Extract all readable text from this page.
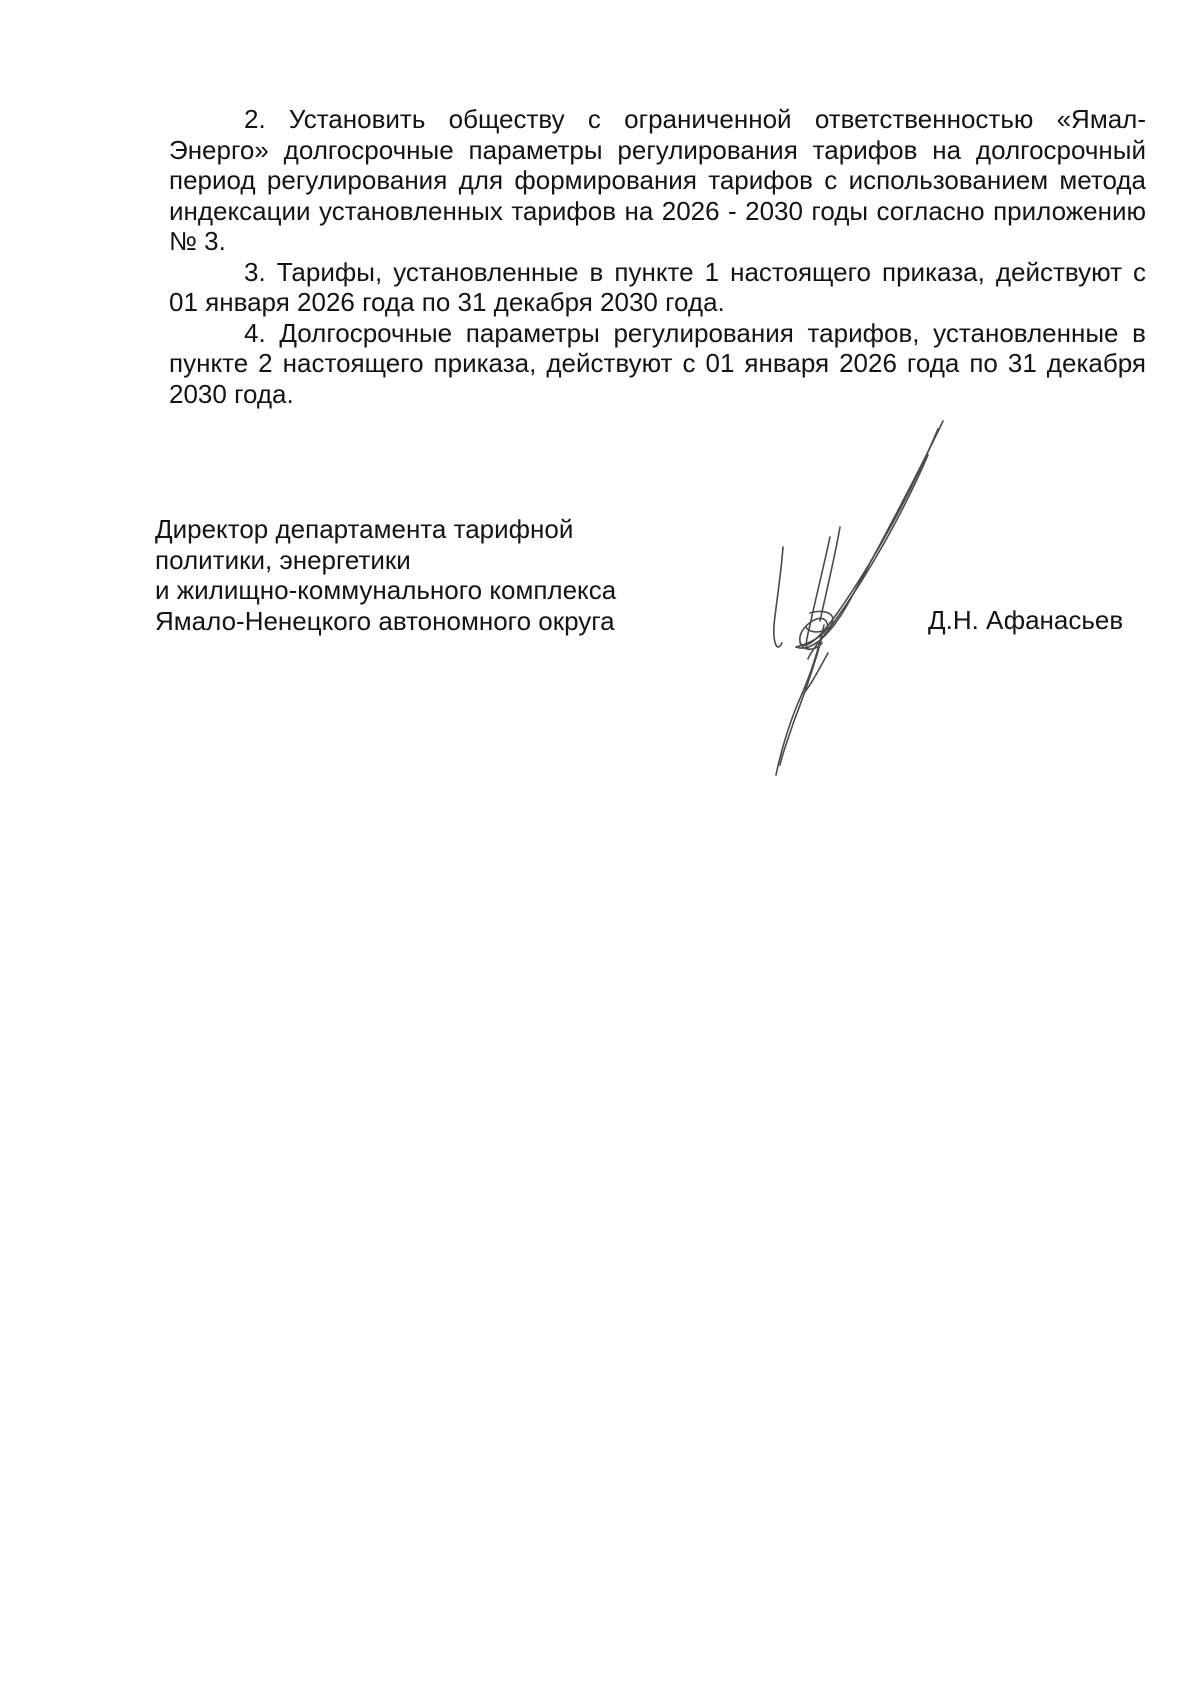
2. Установить обществу с ограниченной ответственностью «Ямал-Энерго» долгосрочные параметры регулирования тарифов на долгосрочный период регулирования для формирования тарифов с использованием метода индексации установленных тарифов на 2026 - 2030 годы согласно приложению № 3.

3. Тарифы, установленные в пункте 1 настоящего приказа, действуют с 01 января 2026 года по 31 декабря 2030 года.

4. Долгосрочные параметры регулирования тарифов, установленные в пункте 2 настоящего приказа, действуют с 01 января 2026 года по 31 декабря 2030 года.

Директор департамента тарифной
политики, энергетики
и жилищно-коммунального комплекса
Ямало-Ненецкого автономного округа	Д.Н. Афанасьев
